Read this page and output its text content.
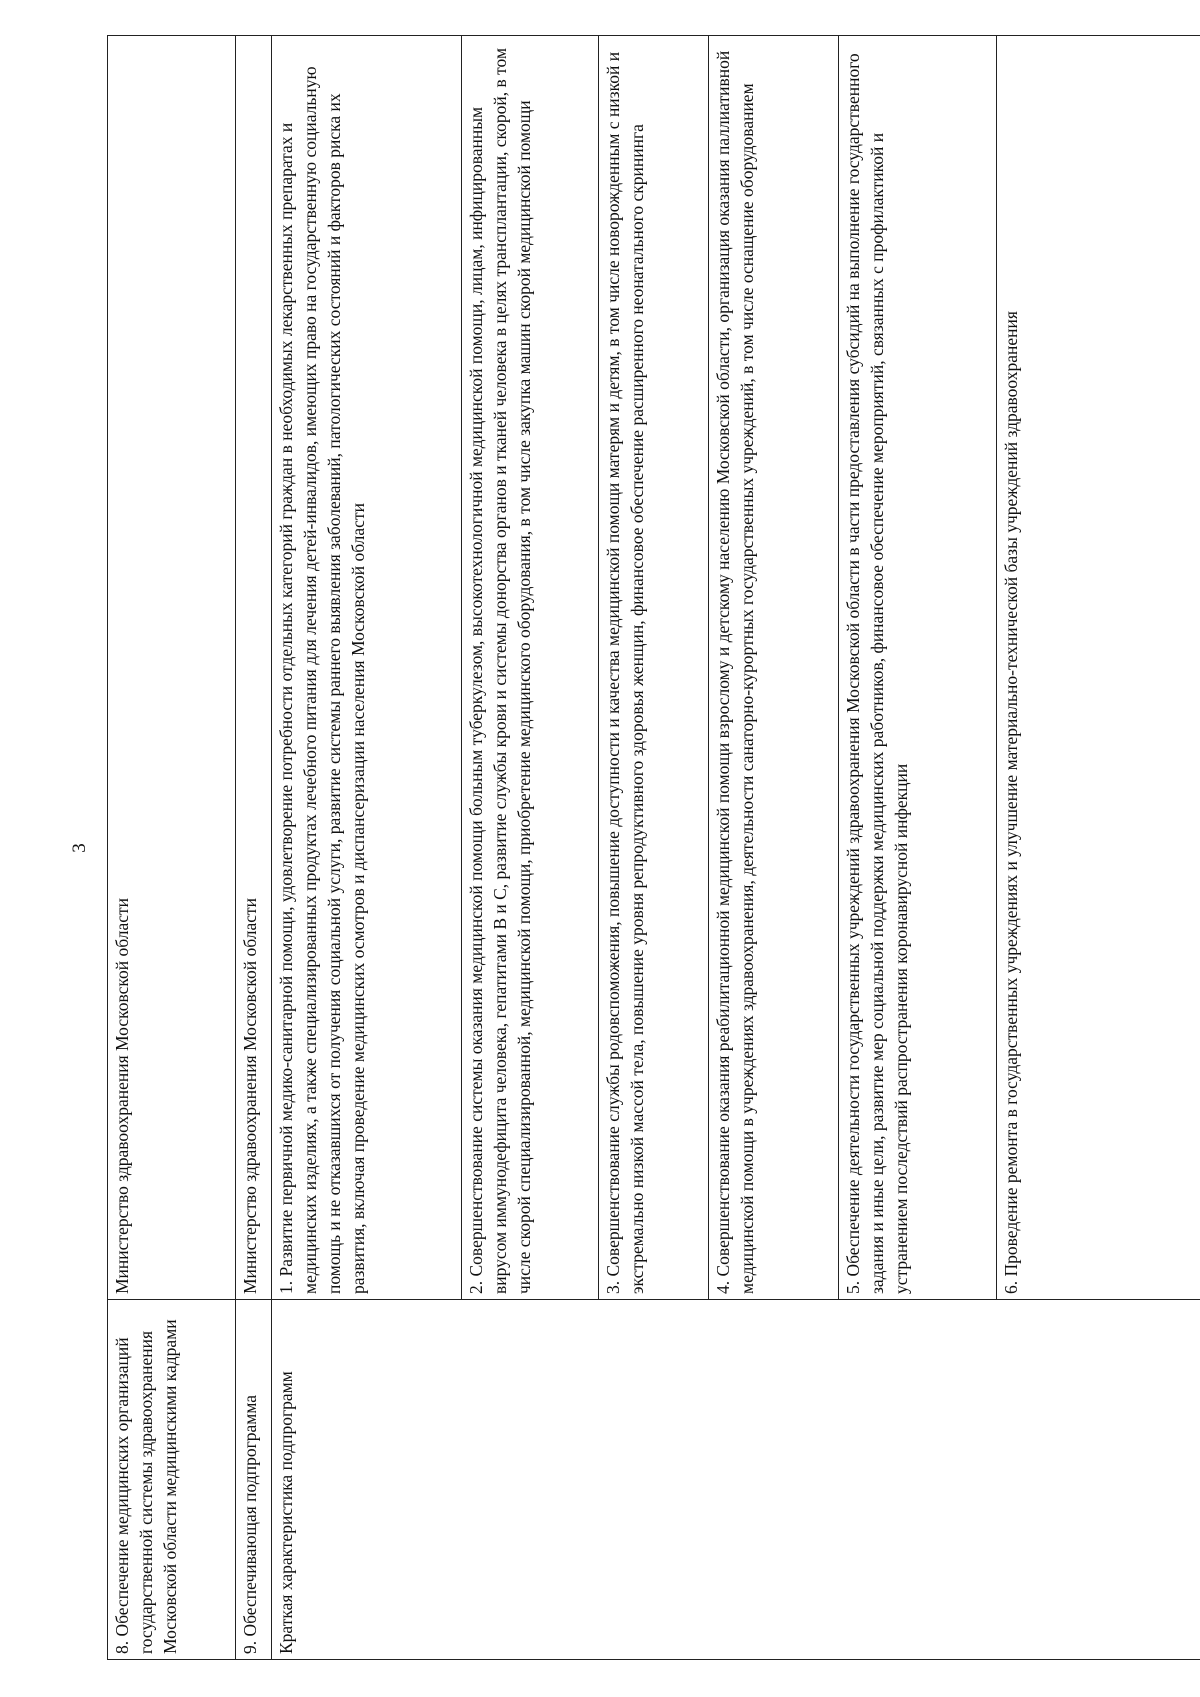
3
8. Обеспечение медицинских организаций государственной системы здравоохранения Московской области медицинскими кадрами	Министерство здравоохранения Московской области
9. Обеспечивающая подпрограмма	Министерство здравоохранения Московской области
Краткая характеристика подпрограмм	1. Развитие первичной медико-санитарной помощи, удовлетворение потребности отдельных категорий граждан в необходимых лекарственных препаратах и медицинских изделиях, а также специализированных продуктах лечебного питания для лечения детей-инвалидов, имеющих право на государственную социальную помощь и не отказавшихся от получения социальной услуги, развитие системы раннего выявления заболеваний, патологических состояний и факторов риска их развития, включая проведение медицинских осмотров и диспансеризации населения Московской области
	2. Совершенствование системы оказания медицинской помощи больным туберкулезом, высокотехнологичной медицинской помощи, лицам, инфицированным вирусом иммунодефицита человека, гепатитами В и С, развитие службы крови и системы донорства органов и тканей человека в целях трансплантации, скорой, в том числе скорой специализированной, медицинской помощи, приобретение медицинского оборудования, в том числе закупка машин скорой медицинской помощи
	3. Совершенствование службы родовспоможения, повышение доступности и качества медицинской помощи матерям и детям, в том числе новорожденным с низкой и экстремально низкой массой тела, повышение уровня репродуктивного здоровья женщин, финансовое обеспечение расширенного неонатального скрининга
	4. Совершенствование оказания реабилитационной медицинской помощи взрослому и детскому населению Московской области, организация оказания паллиативной медицинской помощи в учреждениях здравоохранения, деятельности санаторно-курортных государственных учреждений, в том числе оснащение оборудованием
	5. Обеспечение деятельности государственных учреждений здравоохранения Московской области в части предоставления субсидий на выполнение государственного задания и иные цели, развитие мер социальной поддержки медицинских работников, финансовое обеспечение мероприятий, связанных с профилактикой и устранением последствий распространения коронавирусной инфекции
	6. Проведение ремонта в государственных учреждениях и улучшение материально-технической базы учреждений здравоохранения
